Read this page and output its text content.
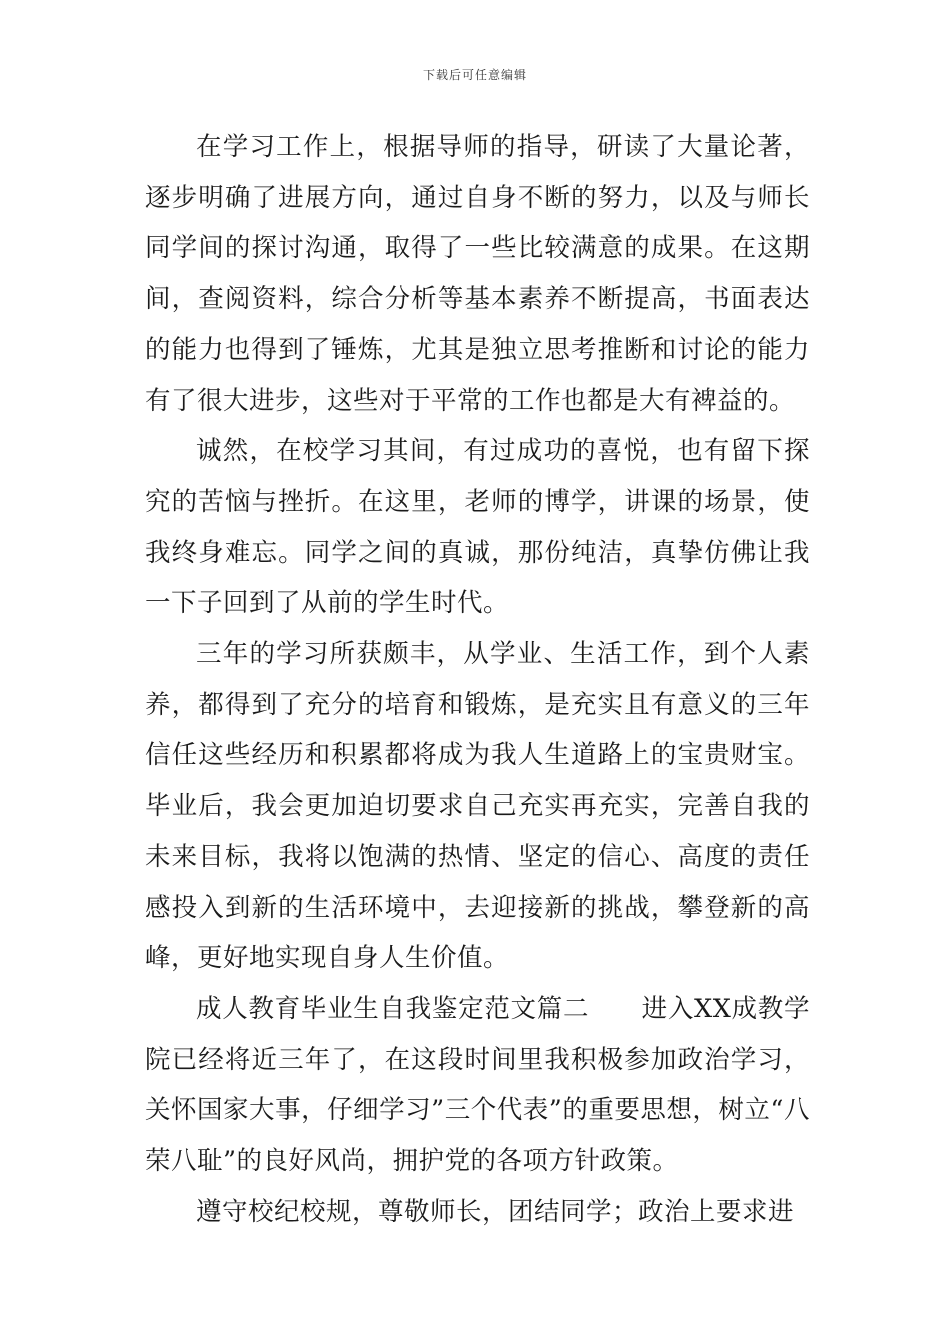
下载后可任意编辑

在学习工作上，根据导师的指导，研读了大量论著，逐步明确了进展方向，通过自身不断的努力，以及与师长同学间的探讨沟通，取得了一些比较满意的成果。在这期间，查阅资料，综合分析等基本素养不断提高，书面表达的能力也得到了锤炼，尤其是独立思考推断和讨论的能力有了很大进步，这些对于平常的工作也都是大有裨益的。

诚然，在校学习其间，有过成功的喜悦，也有留下探究的苦恼与挫折。在这里，老师的博学，讲课的场景，使我终身难忘。同学之间的真诚，那份纯洁，真挚仿佛让我一下子回到了从前的学生时代。

三年的学习所获颇丰，从学业、生活工作，到个人素养，都得到了充分的培育和锻炼，是充实且有意义的三年信任这些经历和积累都将成为我人生道路上的宝贵财宝。毕业后，我会更加迫切要求自己充实再充实，完善自我的未来目标，我将以饱满的热情、坚定的信心、高度的责任感投入到新的生活环境中，去迎接新的挑战，攀登新的高峰，更好地实现自身人生价值。

成人教育毕业生自我鉴定范文篇二　　进入XX成教学院已经将近三年了，在这段时间里我积极参加政治学习，关怀国家大事，仔细学习”三个代表”的重要思想，树立“八荣八耻”的良好风尚，拥护党的各项方针政策。

遵守校纪校规，尊敬师长，团结同学；政治上要求进
